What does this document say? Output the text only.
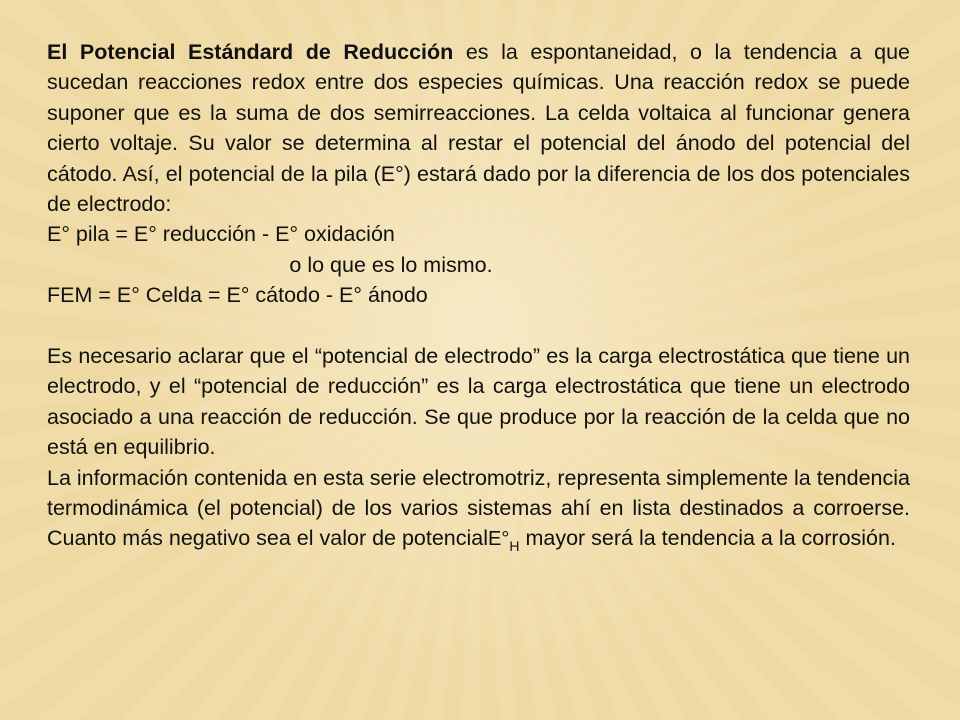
El Potencial Estándard de Reducción es la espontaneidad, o la tendencia a que sucedan reacciones redox entre dos especies químicas. Una reacción redox se puede suponer que es la suma de dos semirreacciones. La celda voltaica al funcionar genera cierto voltaje. Su valor se determina al restar el potencial del ánodo del potencial del cátodo. Así, el potencial de la pila (E°) estará dado por la diferencia de los dos potenciales de electrodo:

E° pila = E° reducción - E° oxidación

o lo que es lo mismo.

FEM = E° Celda = E° cátodo - E° ánodo

Es necesario aclarar que el “potencial de electrodo” es la carga electrostática que tiene un electrodo, y el “potencial de reducción” es la carga electrostática que tiene un electrodo asociado a una reacción de reducción. Se que produce por la reacción de la celda que no está en equilibrio.

La información contenida en esta serie electromotriz, representa simplemente la tendencia termodinámica (el potencial) de los varios sistemas ahí en lista destinados a corroerse. Cuanto más negativo sea el valor de $potencialE^\circ_H$ mayor será la tendencia a la corrosión.
